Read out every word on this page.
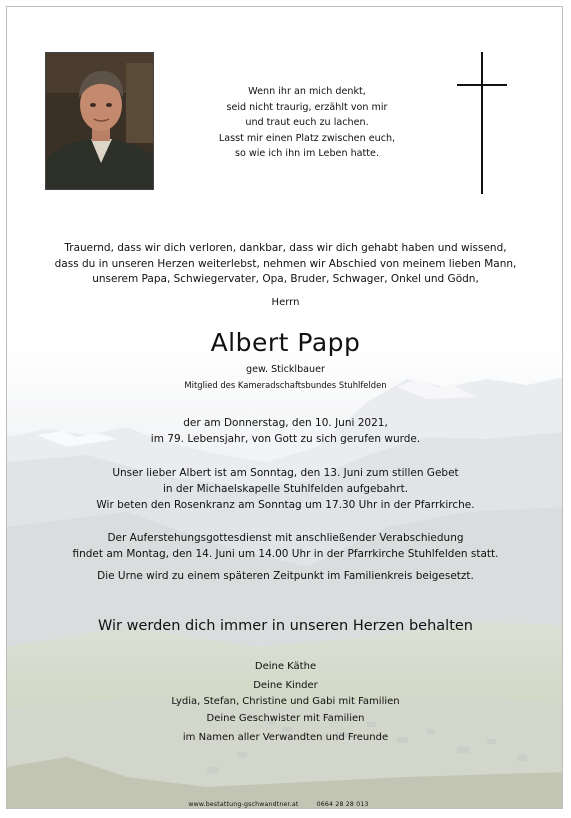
Wenn ihr an mich denkt,
seid nicht traurig, erzählt von mir
und traut euch zu lachen.
Lasst mir einen Platz zwischen euch,
so wie ich ihn im Leben hatte.
Trauernd, dass wir dich verloren, dankbar, dass wir dich gehabt haben und wissend,
dass du in unseren Herzen weiterlebst, nehmen wir Abschied von meinem lieben Mann,
unserem Papa, Schwiegervater, Opa, Bruder, Schwager, Onkel und Gödn,
Herrn
Albert Papp
gew. Sticklbauer
Mitglied des Kameradschaftsbundes Stuhlfelden
der am Donnerstag, den 10. Juni 2021,
im 79. Lebensjahr, von Gott zu sich gerufen wurde.
Unser lieber Albert ist am Sonntag, den 13. Juni zum stillen Gebet
in der Michaelskapelle Stuhlfelden aufgebahrt.
Wir beten den Rosenkranz am Sonntag um 17.30 Uhr in der Pfarrkirche.
Der Auferstehungsgottesdienst mit anschließender Verabschiedung
findet am Montag, den 14. Juni um 14.00 Uhr in der Pfarrkirche Stuhlfelden statt.
Die Urne wird zu einem späteren Zeitpunkt im Familienkreis beigesetzt.
Wir werden dich immer in unseren Herzen behalten
Deine Käthe
Deine Kinder
Lydia, Stefan, Christine und Gabi mit Familien
Deine Geschwister mit Familien
im Namen aller Verwandten und Freunde
www.bestattung-gschwandtner.at	0664 28 28 013
